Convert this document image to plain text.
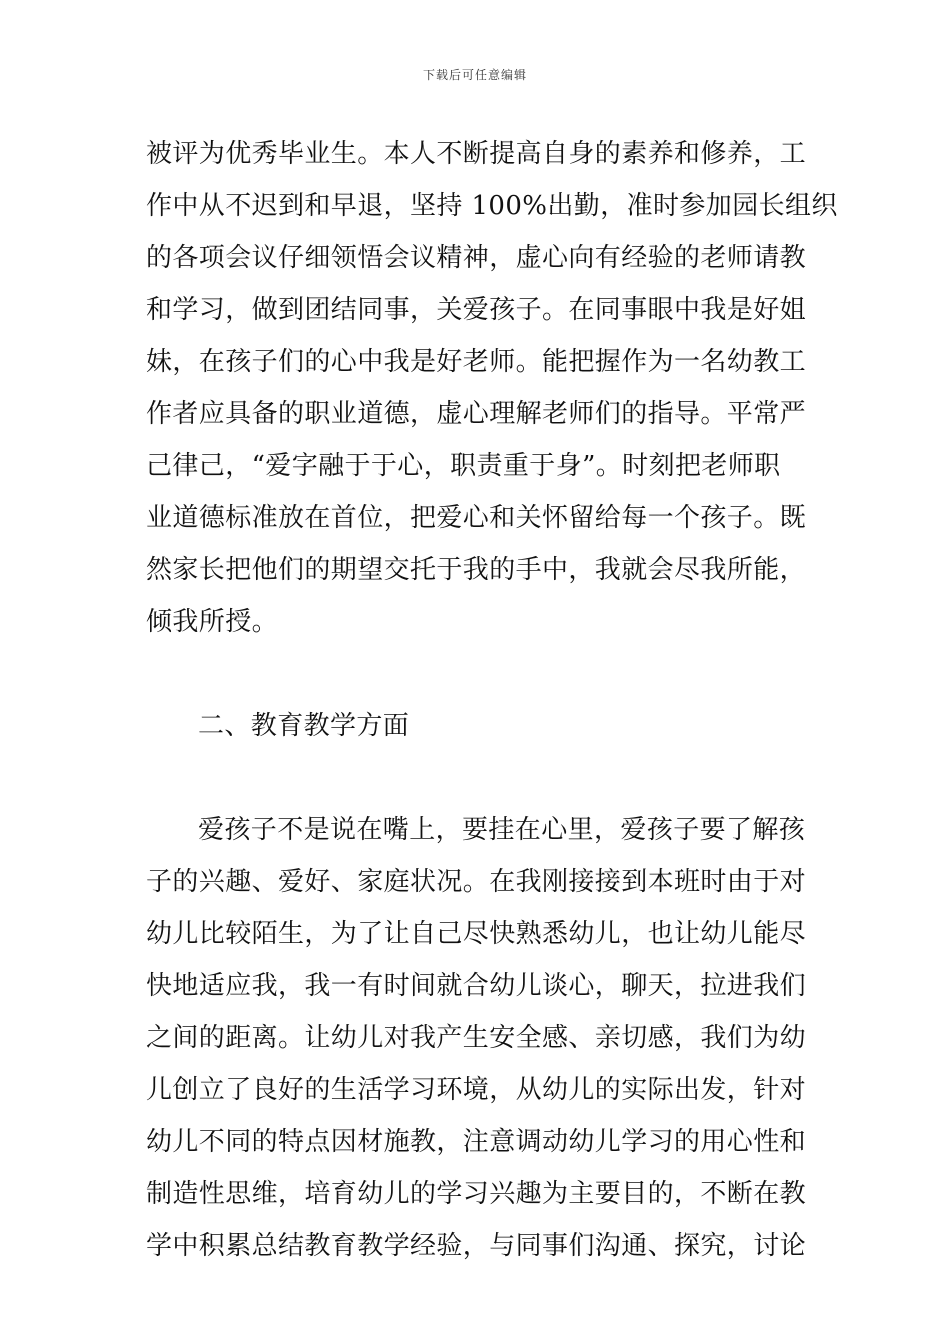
下载后可任意编辑
被评为优秀毕业生。本人不断提高自身的素养和修养，工
作中从不迟到和早退，坚持 100%出勤，准时参加园长组织
的各项会议仔细领悟会议精神，虚心向有经验的老师请教
和学习，做到团结同事，关爱孩子。在同事眼中我是好姐
妹，在孩子们的心中我是好老师。能把握作为一名幼教工
作者应具备的职业道德，虚心理解老师们的指导。平常严
己律己，“爱字融于于心，职责重于身”。时刻把老师职
业道德标准放在首位，把爱心和关怀留给每一个孩子。既
然家长把他们的期望交托于我的手中，我就会尽我所能，
倾我所授。
二、教育教学方面
爱孩子不是说在嘴上，要挂在心里，爱孩子要了解孩
子的兴趣、爱好、家庭状况。在我刚接接到本班时由于对
幼儿比较陌生，为了让自己尽快熟悉幼儿，也让幼儿能尽
快地适应我，我一有时间就合幼儿谈心，聊天，拉进我们
之间的距离。让幼儿对我产生安全感、亲切感，我们为幼
儿创立了良好的生活学习环境，从幼儿的实际出发，针对
幼儿不同的特点因材施教，注意调动幼儿学习的用心性和
制造性思维，培育幼儿的学习兴趣为主要目的，不断在教
学中积累总结教育教学经验，与同事们沟通、探究，讨论
